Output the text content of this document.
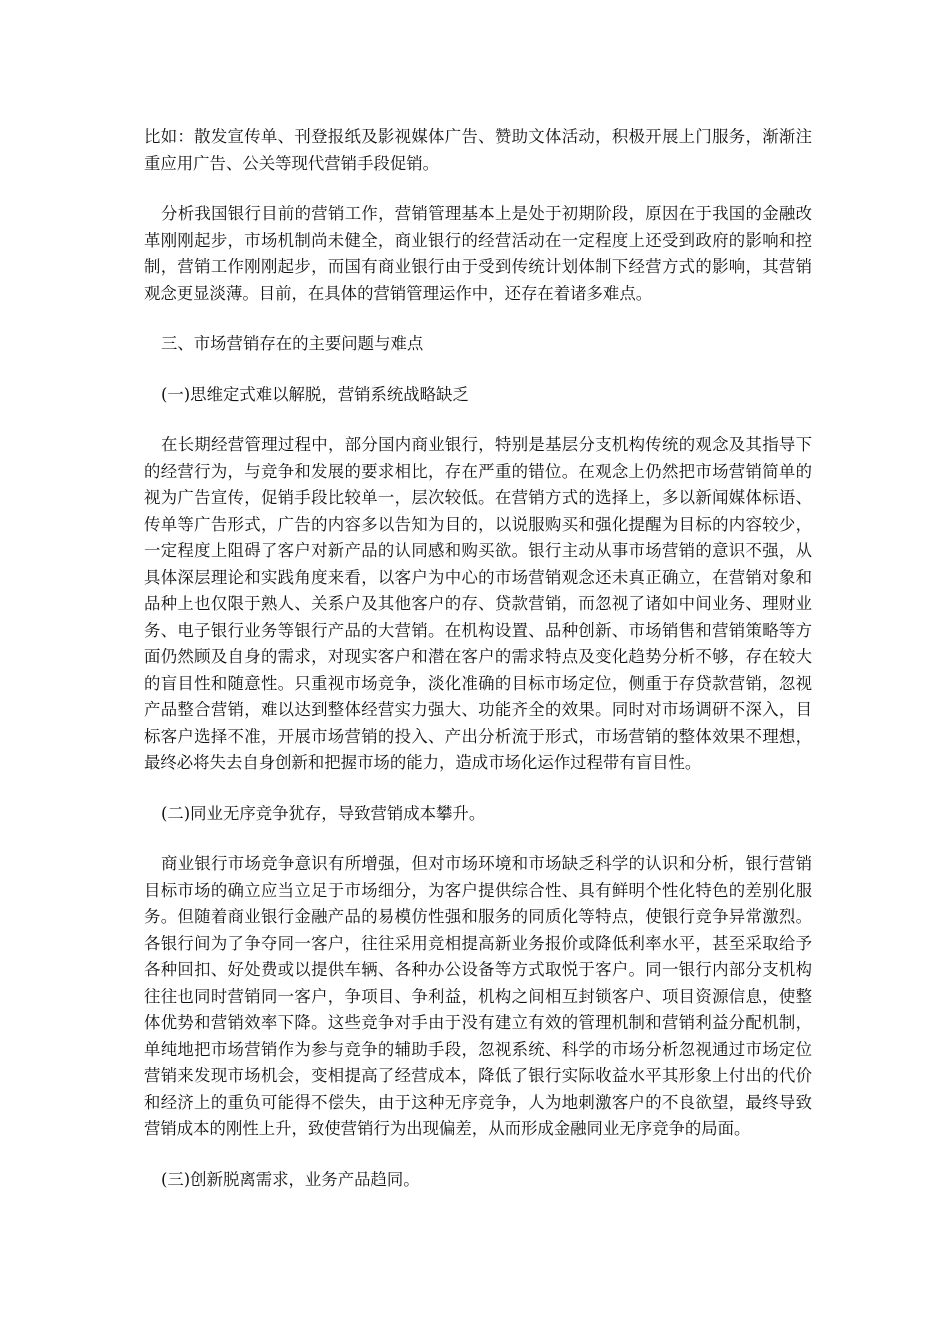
比如：散发宣传单、刊登报纸及影视媒体广告、赞助文体活动，积极开展上门服务，渐渐注重应用广告、公关等现代营销手段促销。

分析我国银行目前的营销工作，营销管理基本上是处于初期阶段，原因在于我国的金融改革刚刚起步，市场机制尚未健全，商业银行的经营活动在一定程度上还受到政府的影响和控制，营销工作刚刚起步，而国有商业银行由于受到传统计划体制下经营方式的影响，其营销观念更显淡薄。目前，在具体的营销管理运作中，还存在着诸多难点。

三、市场营销存在的主要问题与难点

(一)思维定式难以解脱，营销系统战略缺乏

在长期经营管理过程中，部分国内商业银行，特别是基层分支机构传统的观念及其指导下的经营行为，与竞争和发展的要求相比，存在严重的错位。在观念上仍然把市场营销简单的视为广告宣传，促销手段比较单一，层次较低。在营销方式的选择上，多以新闻媒体标语、传单等广告形式，广告的内容多以告知为目的，以说服购买和强化提醒为目标的内容较少，一定程度上阻碍了客户对新产品的认同感和购买欲。银行主动从事市场营销的意识不强，从具体深层理论和实践角度来看，以客户为中心的市场营销观念还未真正确立，在营销对象和品种上也仅限于熟人、关系户及其他客户的存、贷款营销，而忽视了诸如中间业务、理财业务、电子银行业务等银行产品的大营销。在机构设置、品种创新、市场销售和营销策略等方面仍然顾及自身的需求，对现实客户和潜在客户的需求特点及变化趋势分析不够，存在较大的盲目性和随意性。只重视市场竞争，淡化准确的目标市场定位，侧重于存贷款营销，忽视产品整合营销，难以达到整体经营实力强大、功能齐全的效果。同时对市场调研不深入，目标客户选择不准，开展市场营销的投入、产出分析流于形式，市场营销的整体效果不理想，最终必将失去自身创新和把握市场的能力，造成市场化运作过程带有盲目性。

(二)同业无序竞争犹存，导致营销成本攀升。

商业银行市场竞争意识有所增强，但对市场环境和市场缺乏科学的认识和分析，银行营销目标市场的确立应当立足于市场细分，为客户提供综合性、具有鲜明个性化特色的差别化服务。但随着商业银行金融产品的易模仿性强和服务的同质化等特点，使银行竞争异常激烈。各银行间为了争夺同一客户，往往采用竞相提高新业务报价或降低利率水平，甚至采取给予各种回扣、好处费或以提供车辆、各种办公设备等方式取悦于客户。同一银行内部分支机构往往也同时营销同一客户，争项目、争利益，机构之间相互封锁客户、项目资源信息，使整体优势和营销效率下降。这些竞争对手由于没有建立有效的管理机制和营销利益分配机制，单纯地把市场营销作为参与竞争的辅助手段，忽视系统、科学的市场分析忽视通过市场定位营销来发现市场机会，变相提高了经营成本，降低了银行实际收益水平其形象上付出的代价和经济上的重负可能得不偿失，由于这种无序竞争，人为地刺激客户的不良欲望，最终导致营销成本的刚性上升，致使营销行为出现偏差，从而形成金融同业无序竞争的局面。

(三)创新脱离需求，业务产品趋同。
